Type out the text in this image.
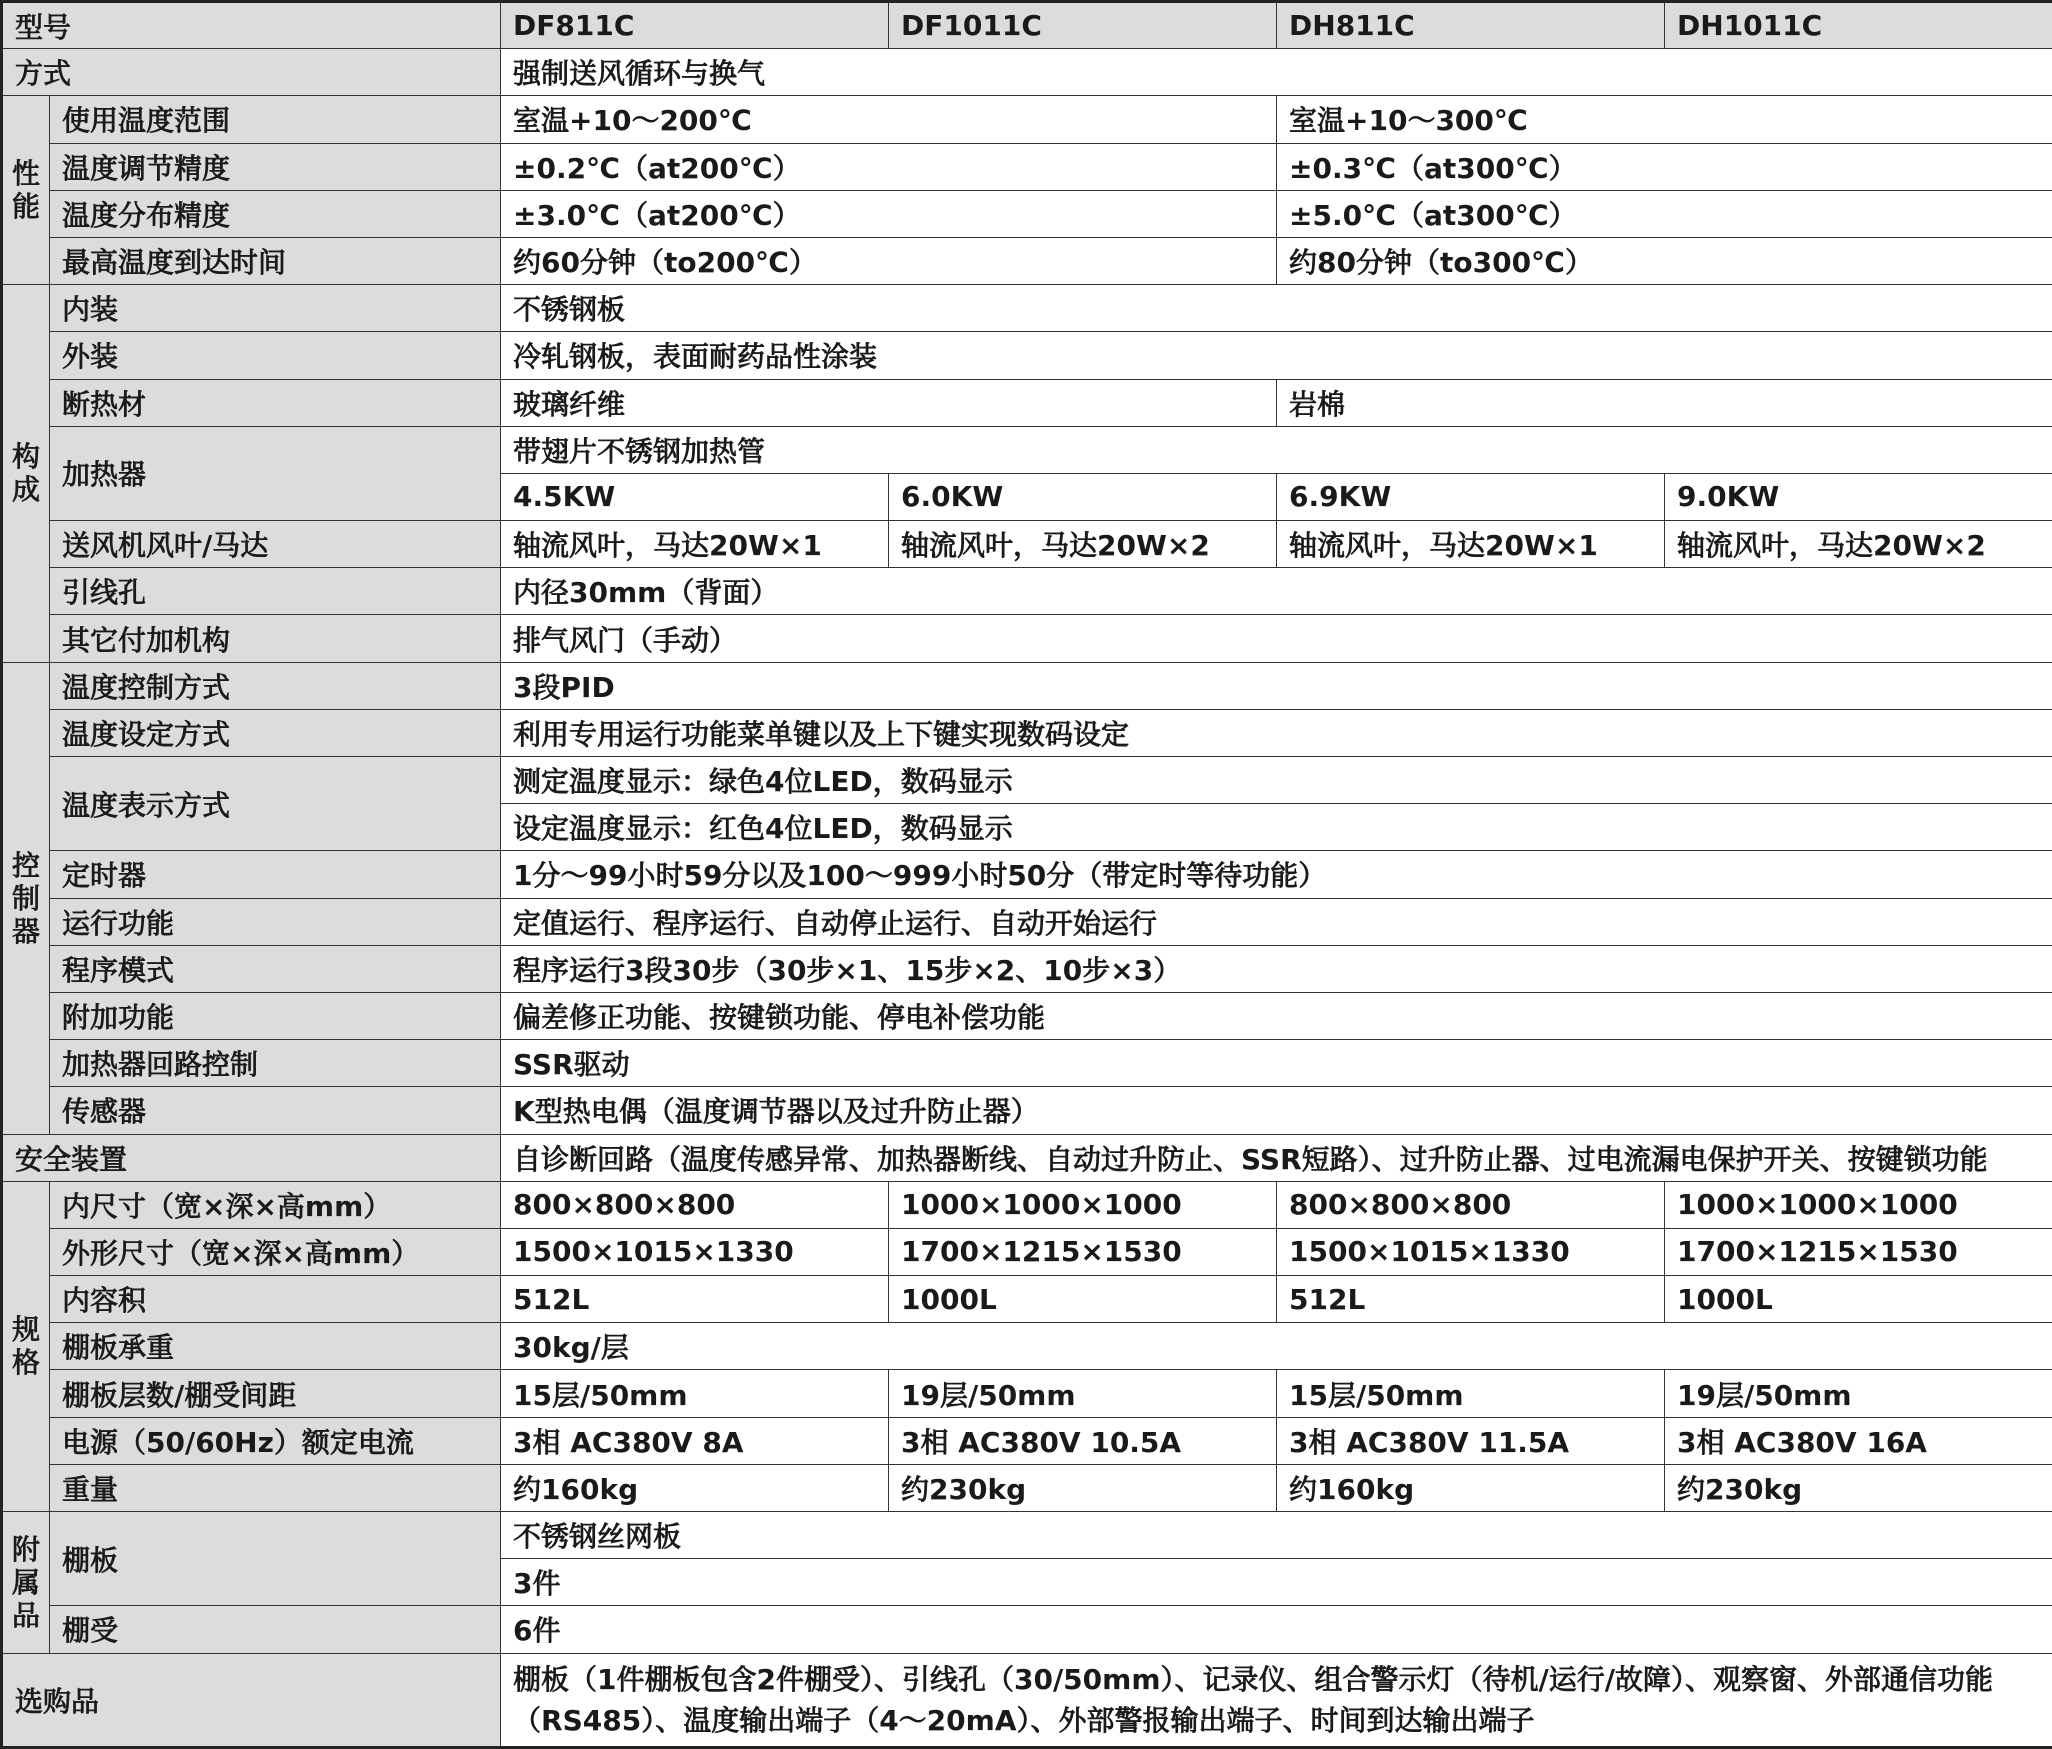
型号		DF811C	DF1011C	DH811C	DH1011C
方式		强制送风循环与换气			
性能	使用温度范围	室温+10～200℃		室温+10～300℃	
	温度调节精度	±0.2℃（at200℃）		±0.3℃（at300℃）	
	温度分布精度	±3.0℃（at200℃）		±5.0℃（at300℃）	
	最高温度到达时间	约60分钟（to200℃）		约80分钟（to300℃）	
构成	内装	不锈钢板			
	外装	冷轧钢板，表面耐药品性涂装			
	断热材	玻璃纤维		岩棉	
	加热器	带翅片不锈钢加热管			
		4.5KW	6.0KW	6.9KW	9.0KW
	送风机风叶/马达	轴流风叶，马达20W×1	轴流风叶，马达20W×2	轴流风叶，马达20W×1	轴流风叶，马达20W×2
	引线孔	内径30mm（背面）			
	其它付加机构	排气风门（手动）			
控制器	温度控制方式	3段PID			
	温度设定方式	利用专用运行功能菜单键以及上下键实现数码设定			
	温度表示方式	测定温度显示：绿色4位LED，数码显示			
		设定温度显示：红色4位LED，数码显示			
	定时器	1分～99小时59分以及100～999小时50分（带定时等待功能）			
	运行功能	定值运行、程序运行、自动停止运行、自动开始运行			
	程序模式	程序运行3段30步（30步×1、15步×2、10步×3）			
	附加功能	偏差修正功能、按键锁功能、停电补偿功能			
	加热器回路控制	SSR驱动			
	传感器	K型热电偶（温度调节器以及过升防止器）			
安全装置		自诊断回路（温度传感异常、加热器断线、自动过升防止、SSR短路）、过升防止器、过电流漏电保护开关、按键锁功能			
规格	内尺寸（宽×深×高mm）	800×800×800	1000×1000×1000	800×800×800	1000×1000×1000
	外形尺寸（宽×深×高mm）	1500×1015×1330	1700×1215×1530	1500×1015×1330	1700×1215×1530
	内容积	512L	1000L	512L	1000L
	棚板承重	30kg/层			
	棚板层数/棚受间距	15层/50mm	19层/50mm	15层/50mm	19层/50mm
	电源（50/60Hz）额定电流	3相 AC380V 8A	3相 AC380V 10.5A	3相 AC380V 11.5A	3相 AC380V 16A
	重量	约160kg	约230kg	约160kg	约230kg
附属品	棚板	不锈钢丝网板			
		3件			
	棚受	6件			
选购品		棚板（1件棚板包含2件棚受）、引线孔（30/50mm）、记录仪、组合警示灯（待机/运行/故障）、观察窗、外部通信功能（RS485）、温度输出端子（4～20mA）、外部警报输出端子、时间到达输出端子			
